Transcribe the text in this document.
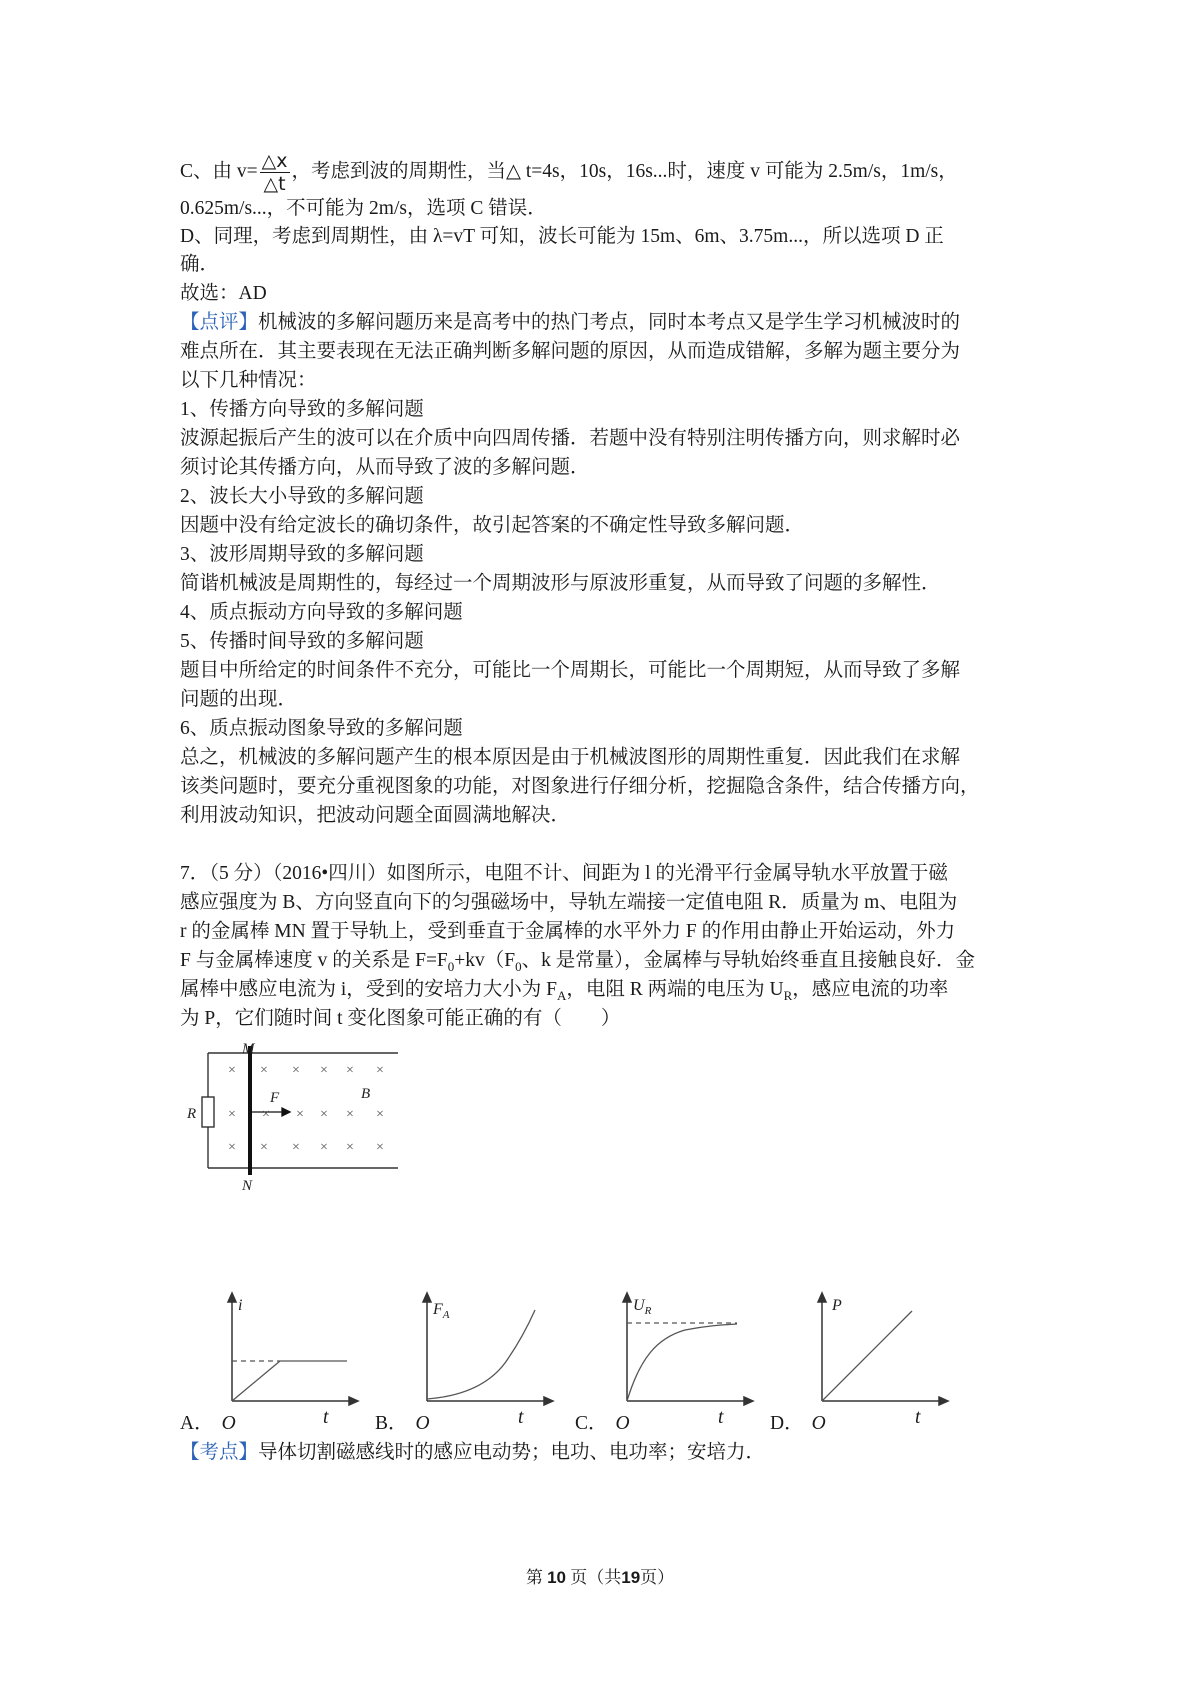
C、由 $v= \frac{\triangle x}{\triangle t}$ ，考虑到波的周期性，当△ t=4s，10s，16s...时，速度 v 可能为 2.5m/s，1m/s，
0.625m/s...，不可能为 2m/s，选项 C 错误．
D、同理，考虑到周期性，由 λ=vT 可知，波长可能为 15m、6m、3.75m...，所以选项 D 正
确．
故选：AD
【点评】机械波的多解问题历来是高考中的热门考点，同时本考点又是学生学习机械波时的
难点所在．其主要表现在无法正确判断多解问题的原因，从而造成错解，多解为题主要分为
以下几种情况：
1、传播方向导致的多解问题
波源起振后产生的波可以在介质中向四周传播．若题中没有特别注明传播方向，则求解时必
须讨论其传播方向，从而导致了波的多解问题．
2、波长大小导致的多解问题
因题中没有给定波长的确切条件，故引起答案的不确定性导致多解问题．
3、波形周期导致的多解问题
简谐机械波是周期性的，每经过一个周期波形与原波形重复，从而导致了问题的多解性．
4、质点振动方向导致的多解问题
5、传播时间导致的多解问题
题目中所给定的时间条件不充分，可能比一个周期长，可能比一个周期短，从而导致了多解
问题的出现．
6、质点振动图象导致的多解问题
总之，机械波的多解问题产生的根本原因是由于机械波图形的周期性重复．因此我们在求解
该类问题时，要充分重视图象的功能，对图象进行仔细分析，挖掘隐含条件，结合传播方向，
利用波动知识，把波动问题全面圆满地解决．
7．（5 分）（2016•四川）如图所示，电阻不计、间距为 l 的光滑平行金属导轨水平放置于磁
感应强度为 B、方向竖直向下的匀强磁场中，导轨左端接一定值电阻 R．质量为 m、电阻为
r 的金属棒 MN 置于导轨上，受到垂直于金属棒的水平外力 F 的作用由静止开始运动，外力
F 与金属棒速度 v 的关系是 $F=F_0+kv(F_0$、k 是常量），金属棒与导轨始终垂直且接触良好．金
属棒中感应电流为 i，受到的安培力大小为 $F_A$，电阻 R 两端的电压为 $U_R$，感应电流的功率
为 P，它们随时间 t 变化图象可能正确的有（　　）
× × × × × ×
× × × × × ×
× × × × × ×
M
N
F	B
R
i	$F_A$
$U_R$	P
A． O	t B． O	t	C． O	t D． O	t
【考点】导体切割磁感线时的感应电动势；电功、电功率；安培力．
第 10 页（共19页）
